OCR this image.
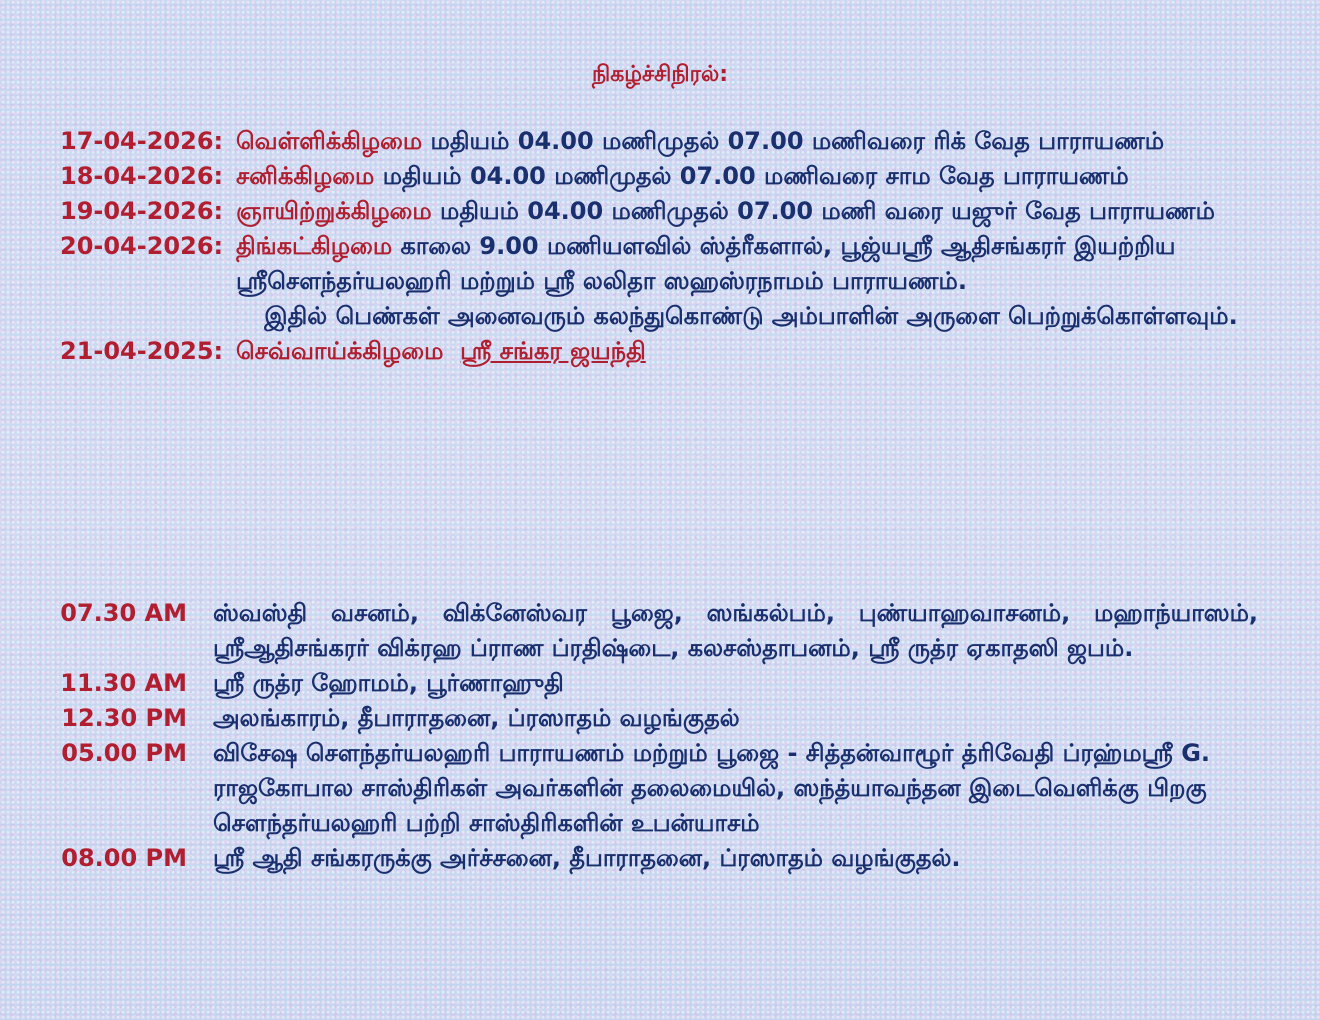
நிகழ்ச்சிநிரல்:
17-04-2026: வெள்ளிக்கிழமை மதியம் 04.00 மணிமுதல் 07.00 மணிவரை ரிக் வேத பாராயணம்
18-04-2026: சனிக்கிழமை மதியம் 04.00 மணிமுதல் 07.00 மணிவரை சாம வேத பாராயணம்
19-04-2026: ஞாயிற்றுக்கிழமை மதியம் 04.00 மணிமுதல் 07.00 மணி வரை யஜுர் வேத பாராயணம்
20-04-2026: திங்கட்கிழமை காலை 9.00 மணியளவில் ஸ்த்ரீகளால், பூஜ்யஸ்ரீ ஆதிசங்கரர் இயற்றிய ஸ்ரீசௌந்தர்யலஹரி மற்றும் ஸ்ரீ லலிதா ஸஹஸ்ரநாமம் பாராயணம்.
இதில் பெண்கள் அனைவரும் கலந்துகொண்டு அம்பாளின் அருளை பெற்றுக்கொள்ளவும்.
21-04-2025: செவ்வாய்க்கிழமை ஸ்ரீ சங்கர ஜயந்தி
07.30 AM ஸ்வஸ்தி வசனம், விக்னேஸ்வர பூஜை, ஸங்கல்பம், புண்யாஹவாசனம், மஹாந்யாஸம், ஸ்ரீஆதிசங்கரர் விக்ரஹ ப்ராண ப்ரதிஷ்டை, கலசஸ்தாபனம், ஸ்ரீ ருத்ர ஏகாதஸி ஜபம்.
11.30 AM ஸ்ரீ ருத்ர ஹோமம், பூர்ணாஹுதி
12.30 PM அலங்காரம், தீபாராதனை, ப்ரஸாதம் வழங்குதல்
05.00 PM விசேஷ சௌந்தர்யலஹரி பாராயணம் மற்றும் பூஜை - சித்தன்வாழூர் த்ரிவேதி ப்ரஹ்மஸ்ரீ G. ராஜகோபால சாஸ்திரிகள் அவர்களின் தலைமையில், ஸந்த்யாவந்தன இடைவெளிக்கு பிறகு சௌந்தர்யலஹரி பற்றி சாஸ்திரிகளின் உபன்யாசம்
08.00 PM ஸ்ரீ ஆதி சங்கரருக்கு அர்ச்சனை, தீபாராதனை, ப்ரஸாதம் வழங்குதல்.
